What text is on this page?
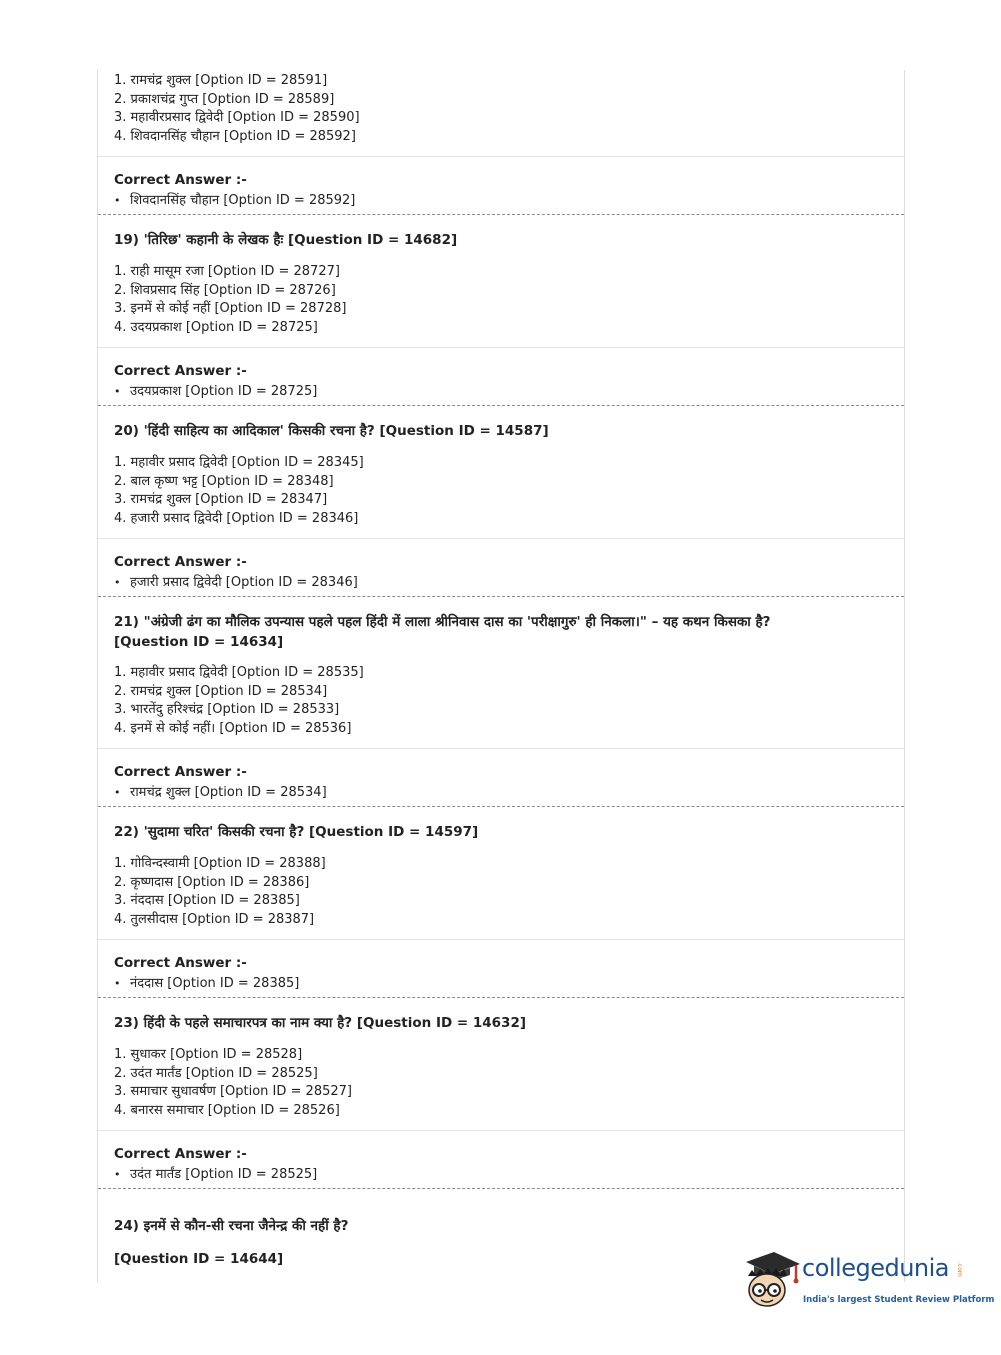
1. रामचंद्र शुक्ल [Option ID = 28591]
2. प्रकाशचंद्र गुप्त [Option ID = 28589]
3. महावीरप्रसाद द्विवेदी [Option ID = 28590]
4. शिवदानसिंह चौहान [Option ID = 28592]
Correct Answer :-
• शिवदानसिंह चौहान [Option ID = 28592]
19) 'तिरिछ' कहानी के लेखक हैः [Question ID = 14682]
1. राही मासूम रजा [Option ID = 28727]
2. शिवप्रसाद सिंह [Option ID = 28726]
3. इनमें से कोई नहीं [Option ID = 28728]
4. उदयप्रकाश [Option ID = 28725]
Correct Answer :-
• उदयप्रकाश [Option ID = 28725]
20) 'हिंदी साहित्य का आदिकाल' किसकी रचना है? [Question ID = 14587]
1. महावीर प्रसाद द्विवेदी [Option ID = 28345]
2. बाल कृष्ण भट्ट [Option ID = 28348]
3. रामचंद्र शुक्ल [Option ID = 28347]
4. हजारी प्रसाद द्विवेदी [Option ID = 28346]
Correct Answer :-
• हजारी प्रसाद द्विवेदी [Option ID = 28346]
21) "अंग्रेजी ढंग का मौलिक उपन्यास पहले पहल हिंदी में लाला श्रीनिवास दास का 'परीक्षागुरु' ही निकला।" – यह कथन किसका है?
[Question ID = 14634]
1. महावीर प्रसाद द्विवेदी [Option ID = 28535]
2. रामचंद्र शुक्ल [Option ID = 28534]
3. भारतेंदु हरिश्चंद्र [Option ID = 28533]
4. इनमें से कोई नहीं। [Option ID = 28536]
Correct Answer :-
• रामचंद्र शुक्ल [Option ID = 28534]
22) 'सुदामा चरित' किसकी रचना है? [Question ID = 14597]
1. गोविन्दस्वामी [Option ID = 28388]
2. कृष्णदास [Option ID = 28386]
3. नंददास [Option ID = 28385]
4. तुलसीदास [Option ID = 28387]
Correct Answer :-
• नंददास [Option ID = 28385]
23) हिंदी के पहले समाचारपत्र का नाम क्या है? [Question ID = 14632]
1. सुधाकर [Option ID = 28528]
2. उदंत मार्तंड [Option ID = 28525]
3. समाचार सुधावर्षण [Option ID = 28527]
4. बनारस समाचार [Option ID = 28526]
Correct Answer :-
• उदंत मार्तंड [Option ID = 28525]
24) इनमें से कौन-सी रचना जैनेन्द्र की नहीं है?
[Question ID = 14644]	collegedunia .com
India's largest Student Review Platform
